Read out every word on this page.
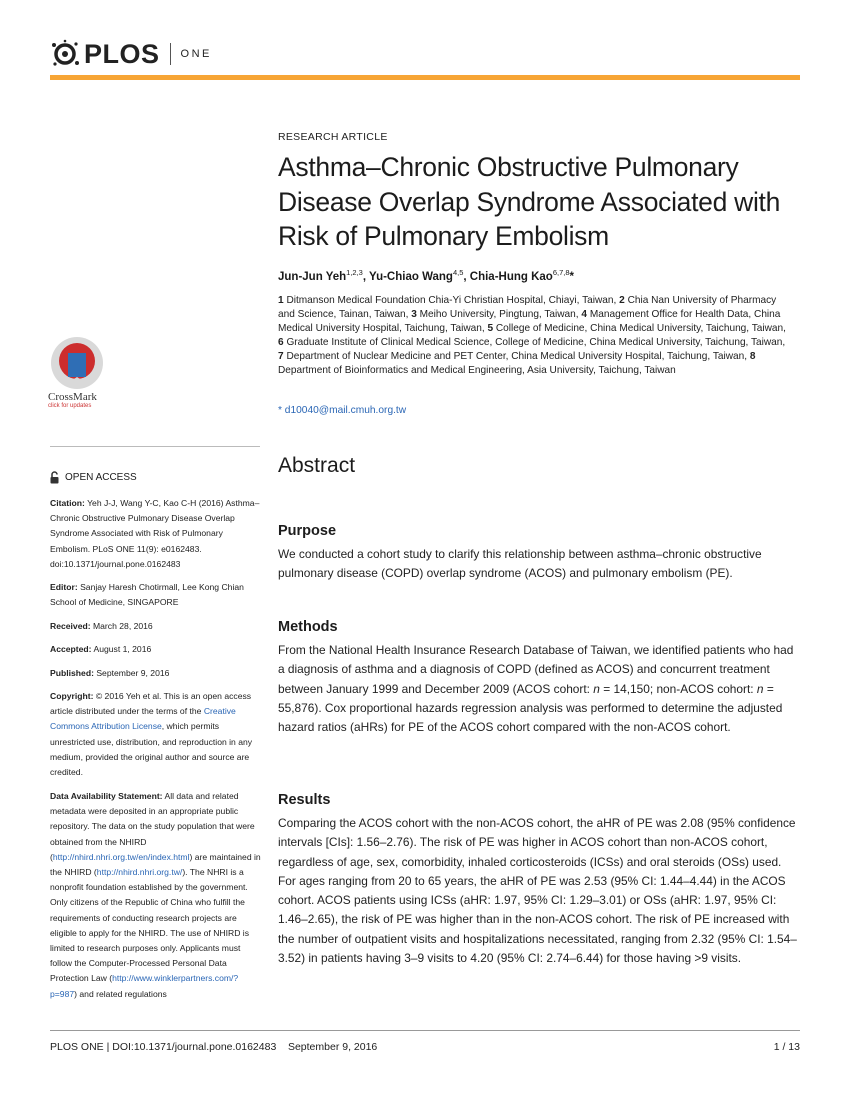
PLOS ONE
RESEARCH ARTICLE
Asthma–Chronic Obstructive Pulmonary
Disease Overlap Syndrome Associated with
Risk of Pulmonary Embolism
Jun-Jun Yeh$^{1,2,3}$, Yu-Chiao Wang$^{4,5}$, Chia-Hung Kao$^{6,7,8}$*
1 Ditmanson Medical Foundation Chia-Yi Christian Hospital, Chiayi, Taiwan, 2 Chia Nan University of Pharmacy and Science, Tainan, Taiwan, 3 Meiho University, Pingtung, Taiwan, 4 Management Office for Health Data, China Medical University Hospital, Taichung, Taiwan, 5 College of Medicine, China Medical University, Taichung, Taiwan, 6 Graduate Institute of Clinical Medical Science, College of Medicine, China Medical University, Taichung, Taiwan, 7 Department of Nuclear Medicine and PET Center, China Medical University Hospital, Taichung, Taiwan, 8 Department of Bioinformatics and Medical Engineering, Asia University, Taichung, Taiwan
* d10040@mail.cmuh.org.tw
Abstract
Purpose

We conducted a cohort study to clarify this relationship between asthma–chronic obstructive pulmonary disease (COPD) overlap syndrome (ACOS) and pulmonary embolism (PE).

Methods

From the National Health Insurance Research Database of Taiwan, we identified patients who had a diagnosis of asthma and a diagnosis of COPD (defined as ACOS) and concurrent treatment between January 1999 and December 2009 (ACOS cohort: n = 14,150; non-ACOS cohort: n = 55,876). Cox proportional hazards regression analysis was performed to determine the adjusted hazard ratios (aHRs) for PE of the ACOS cohort compared with the non-ACOS cohort.

Results

Comparing the ACOS cohort with the non-ACOS cohort, the aHR of PE was 2.08 (95% confidence intervals [CIs]: 1.56–2.76). The risk of PE was higher in ACOS cohort than non-ACOS cohort, regardless of age, sex, comorbidity, inhaled corticosteroids (ICSs) and oral steroids (OSs) used. For ages ranging from 20 to 65 years, the aHR of PE was 2.53 (95% CI: 1.44–4.44) in the ACOS cohort. ACOS patients using ICSs (aHR: 1.97, 95% CI: 1.29–3.01) or OSs (aHR: 1.97, 95% CI: 1.46–2.65), the risk of PE was higher than in the non-ACOS cohort. The risk of PE increased with the number of outpatient visits and hospitalizations necessitated, ranging from 2.32 (95% CI: 1.54–3.52) in patients having 3–9 visits to 4.20 (95% CI: 2.74–6.44) for those having >9 visits.

CrossMark
click for updates
OPEN ACCESS
Citation: Yeh J-J, Wang Y-C, Kao C-H (2016) Asthma–Chronic Obstructive Pulmonary Disease Overlap Syndrome Associated with Risk of Pulmonary Embolism. PLoS ONE 11(9): e0162483. doi:10.1371/journal.pone.0162483
Editor: Sanjay Haresh Chotirmall, Lee Kong Chian School of Medicine, SINGAPORE
Received: March 28, 2016
Accepted: August 1, 2016
Published: September 9, 2016
Copyright: © 2016 Yeh et al. This is an open access article distributed under the terms of the Creative Commons Attribution License, which permits unrestricted use, distribution, and reproduction in any medium, provided the original author and source are credited.
Data Availability Statement: All data and related metadata were deposited in an appropriate public repository. The data on the study population that were obtained from the NHIRD (http://nhird.nhri.org.tw/en/index.html) are maintained in the NHIRD (http://nhird.nhri.org.tw/). The NHRI is a nonprofit foundation established by the government. Only citizens of the Republic of China who fulfill the requirements of conducting research projects are eligible to apply for the NHIRD. The use of NHIRD is limited to research purposes only. Applicants must follow the Computer-Processed Personal Data Protection Law (http://www.winklerpartners.com/?p=987) and related regulations
PLOS ONE | DOI:10.1371/journal.pone.0162483    September 9, 2016	1 / 13
